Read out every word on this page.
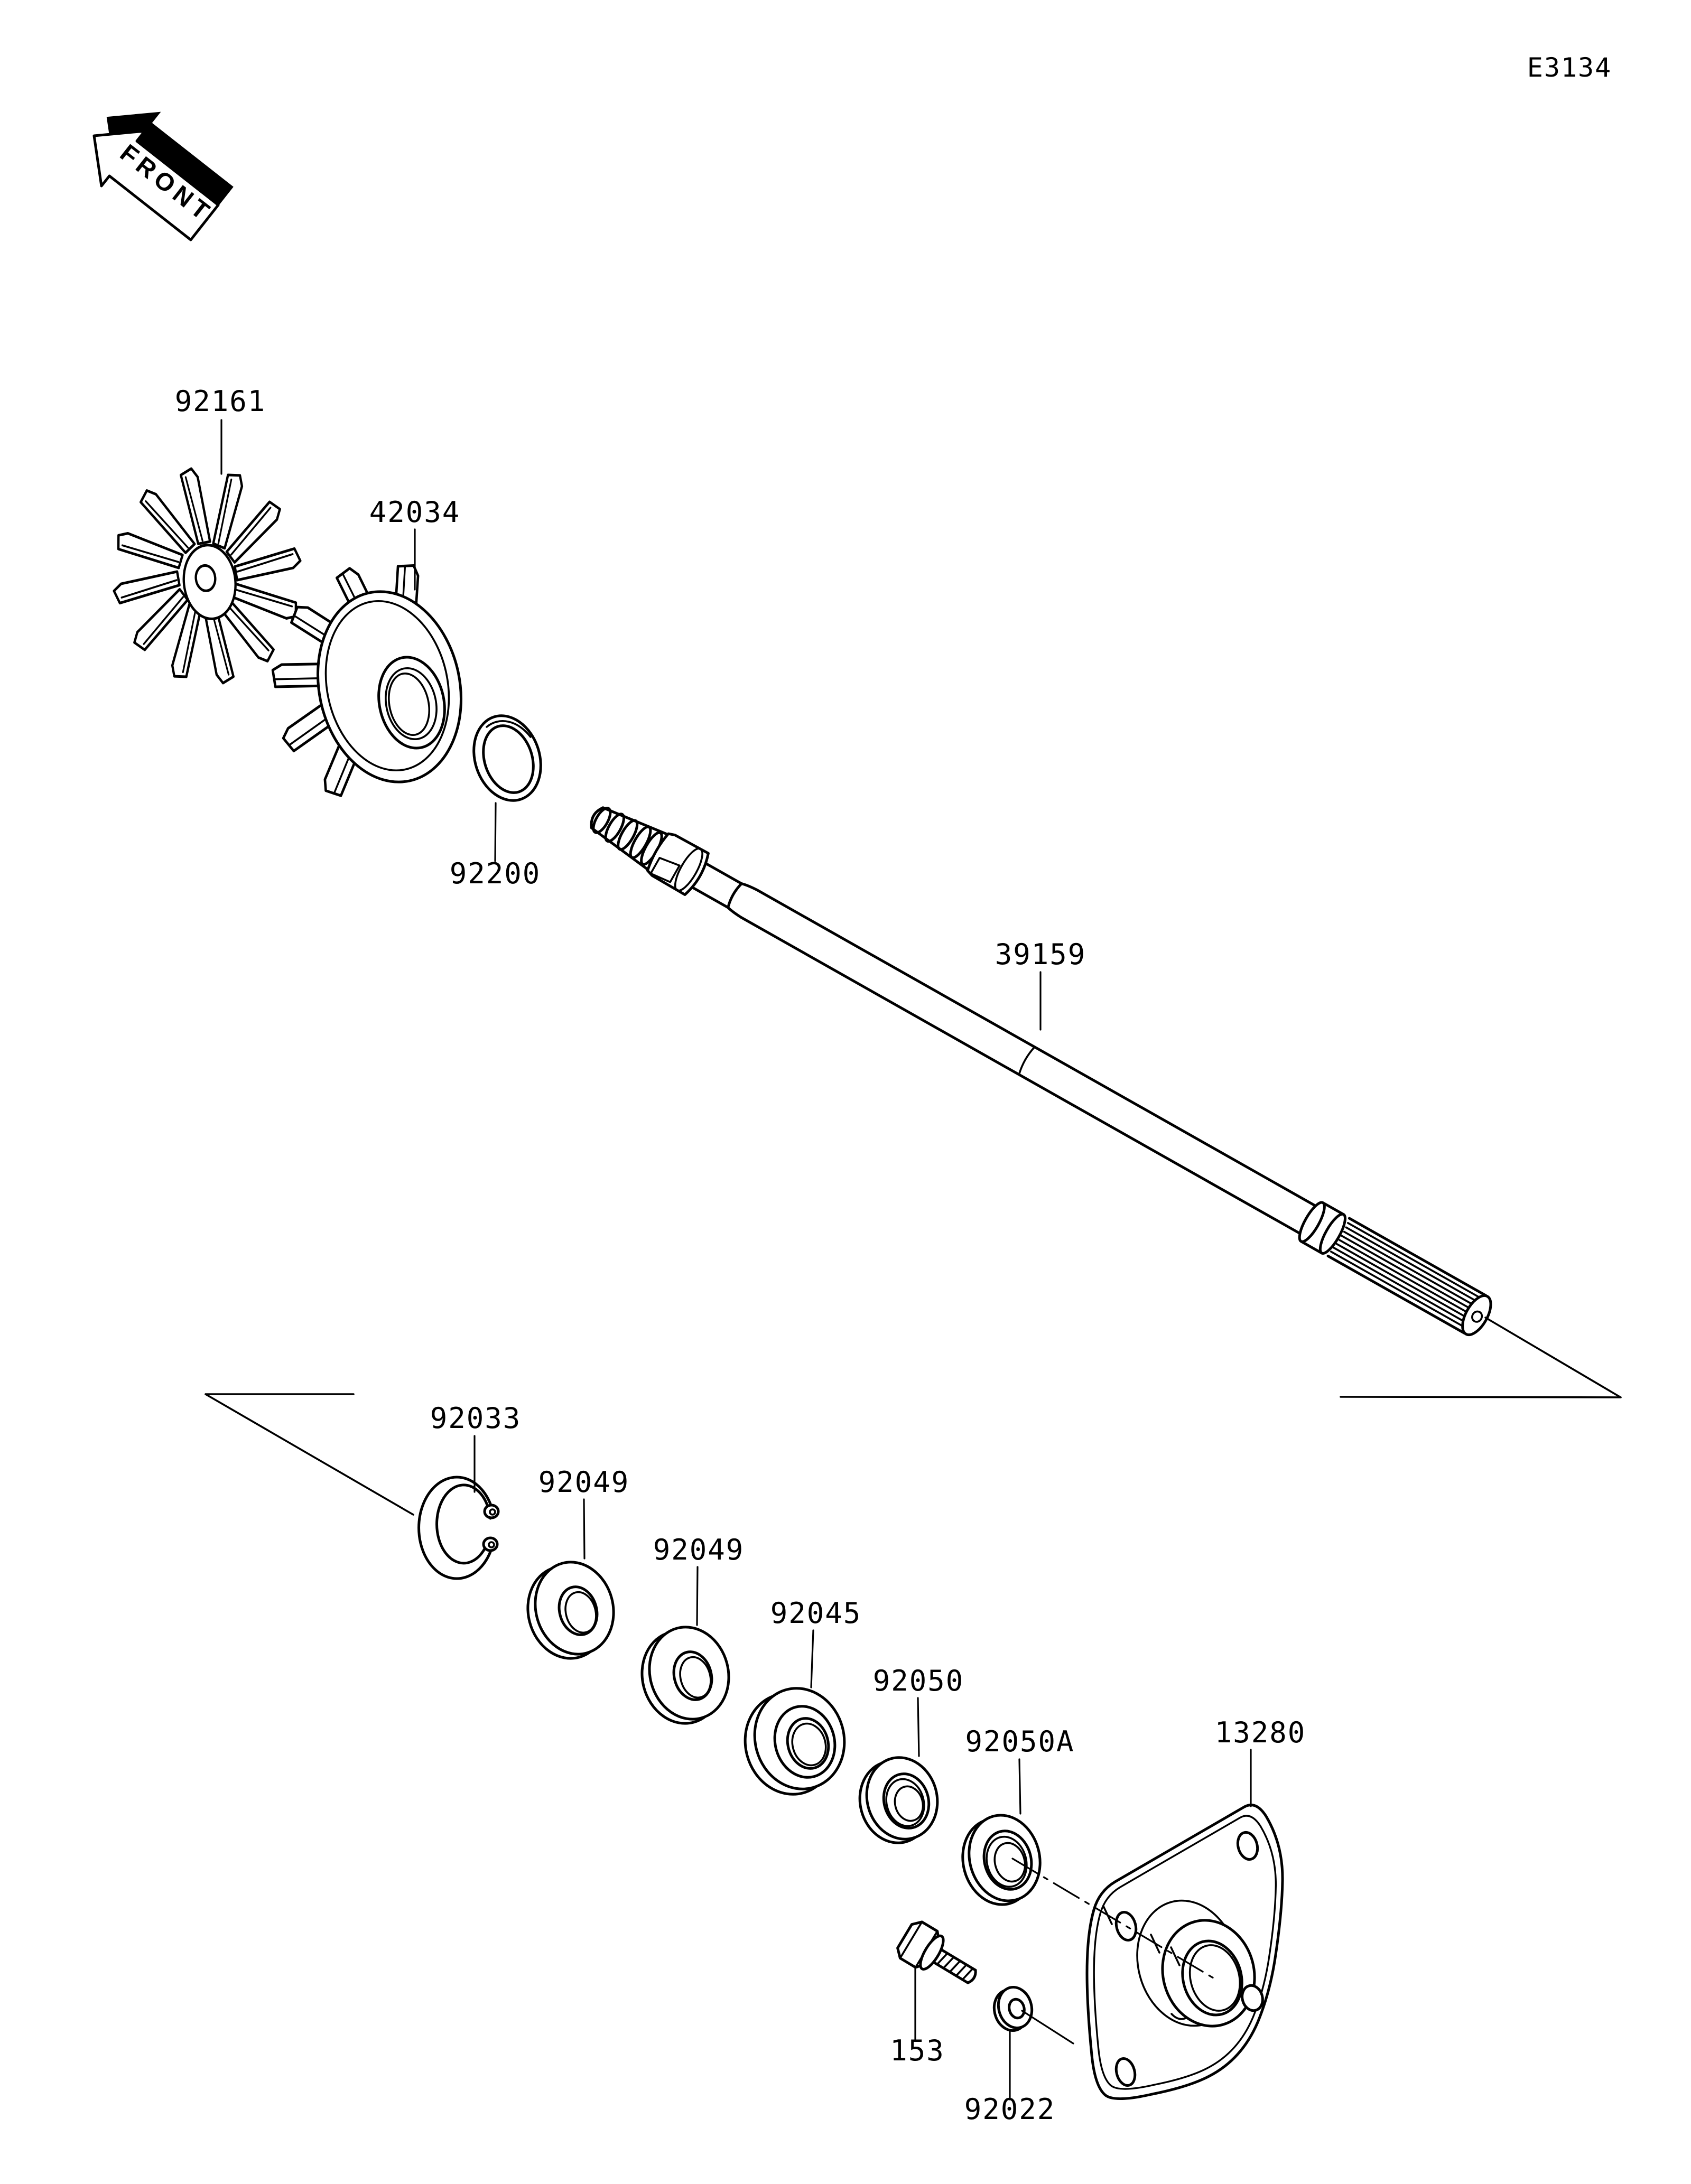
E3134
FRONT
92161
42034
92200
39159
92033
92049
92049
92045
92050
92050A	13280
153
92022
